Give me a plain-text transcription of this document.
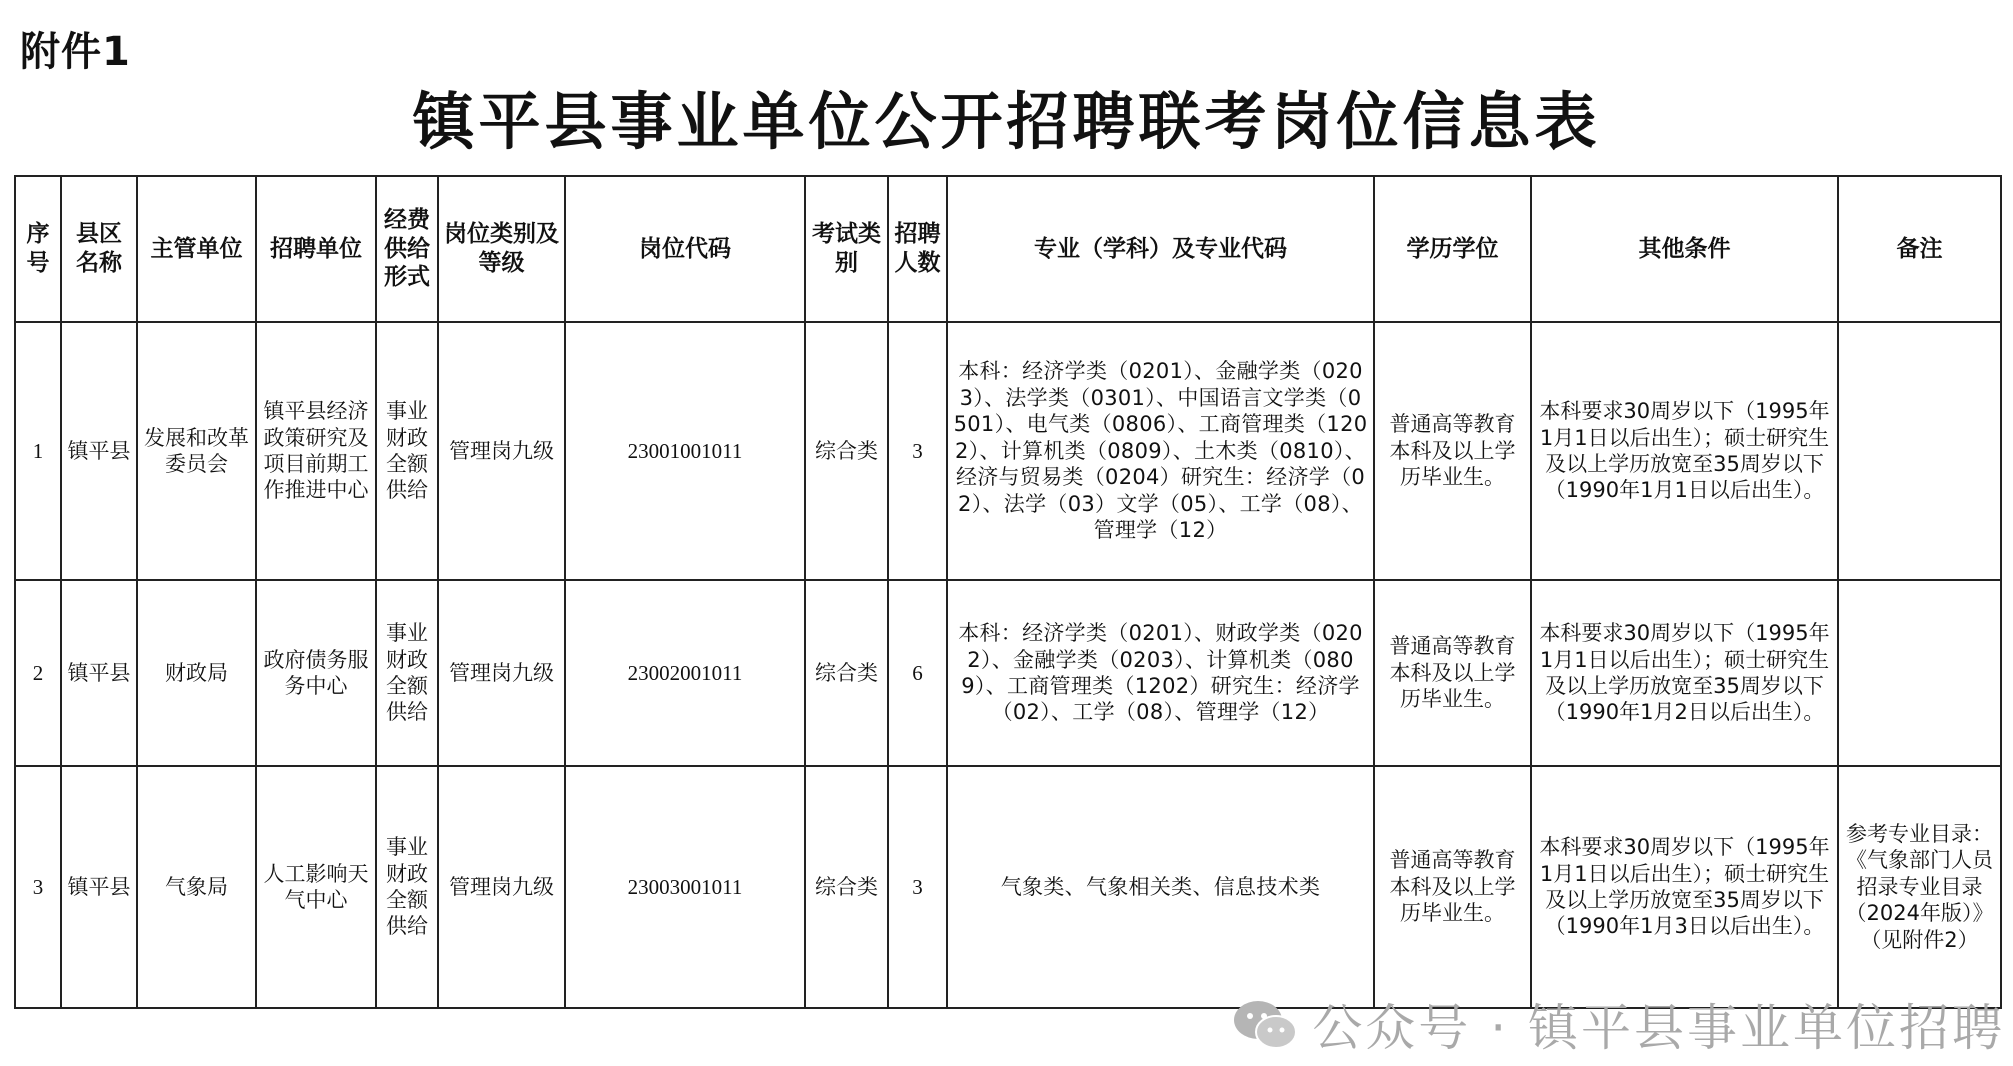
附件1
镇平县事业单位公开招聘联考岗位信息表
序号	县区名称	主管单位	招聘单位	经费供给形式	岗位类别及等级	岗位代码	考试类别	招聘人数	专业（学科）及专业代码	学历学位	其他条件	备注
1	镇平县	发展和改革委员会	镇平县经济政策研究及项目前期工作推进中心	事业财政全额供给	管理岗九级	23001001011	综合类	3	本科：经济学类（0201）、金融学类（0203）、法学类（0301）、中国语言文学类（0501）、电气类（0806）、工商管理类（1202）、计算机类（0809）、土木类（0810）、经济与贸易类（0204）研究生：经济学（02）、法学（03）文学（05）、工学（08）、管理学（12）	普通高等教育本科及以上学历毕业生。	本科要求30周岁以下（1995年1月1日以后出生）；硕士研究生及以上学历放宽至35周岁以下（1990年1月1日以后出生）。	
2	镇平县	财政局	政府债务服务中心	事业财政全额供给	管理岗九级	23002001011	综合类	6	本科：经济学类（0201）、财政学类（0202）、金融学类（0203）、计算机类（0809）、工商管理类（1202）研究生：经济学（02）、工学（08）、管理学（12）	普通高等教育本科及以上学历毕业生。	本科要求30周岁以下（1995年1月1日以后出生）；硕士研究生及以上学历放宽至35周岁以下（1990年1月2日以后出生）。	
3	镇平县	气象局	人工影响天气中心	事业财政全额供给	管理岗九级	23003001011	综合类	3	气象类、气象相关类、信息技术类	普通高等教育本科及以上学历毕业生。	本科要求30周岁以下（1995年1月1日以后出生）；硕士研究生及以上学历放宽至35周岁以下（1990年1月3日以后出生）。	参考专业目录：《气象部门人员招录专业目录（2024年版）》（见附件2）
公众号 · 镇平县事业单位招聘
